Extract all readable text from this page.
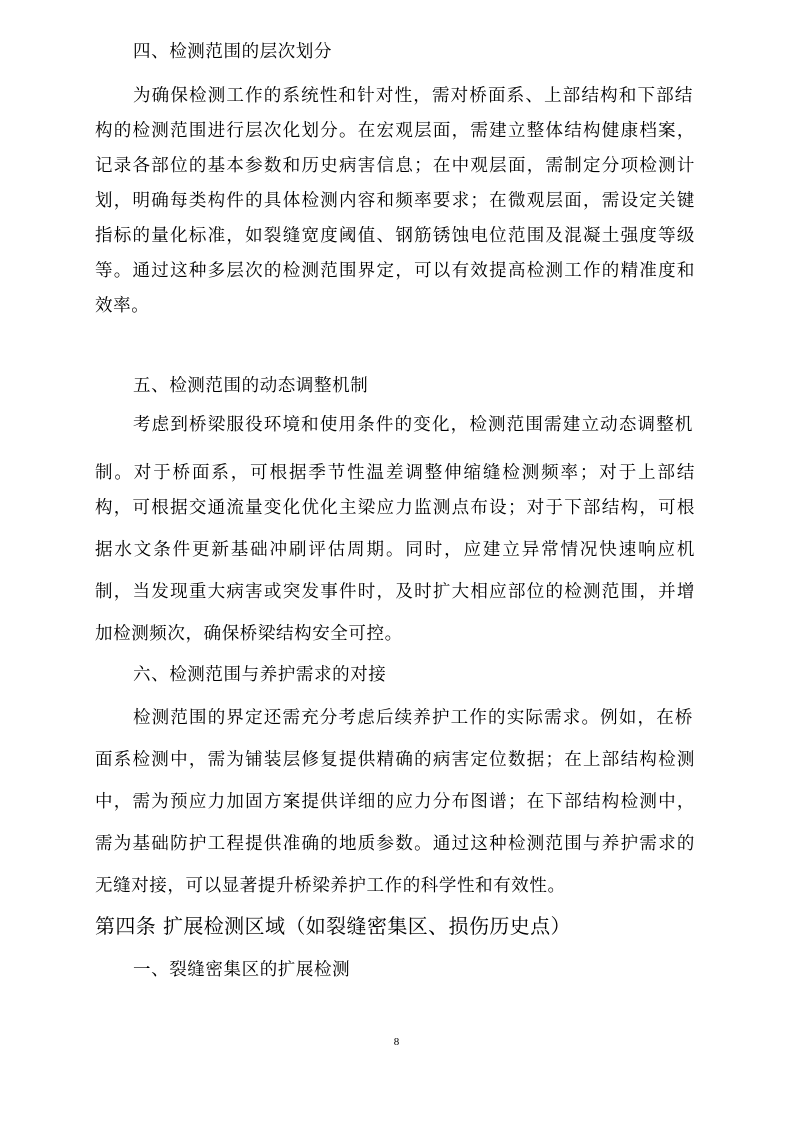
四、检测范围的层次划分
为确保检测工作的系统性和针对性，需对桥面系、上部结构和下部结
构的检测范围进行层次化划分。在宏观层面，需建立整体结构健康档案，
记录各部位的基本参数和历史病害信息；在中观层面，需制定分项检测计
划，明确每类构件的具体检测内容和频率要求；在微观层面，需设定关键
指标的量化标准，如裂缝宽度阈值、钢筋锈蚀电位范围及混凝土强度等级
等。通过这种多层次的检测范围界定，可以有效提高检测工作的精准度和
效率。
五、检测范围的动态调整机制
考虑到桥梁服役环境和使用条件的变化，检测范围需建立动态调整机
制。对于桥面系，可根据季节性温差调整伸缩缝检测频率；对于上部结
构，可根据交通流量变化优化主梁应力监测点布设；对于下部结构，可根
据水文条件更新基础冲刷评估周期。同时，应建立异常情况快速响应机
制，当发现重大病害或突发事件时，及时扩大相应部位的检测范围，并增
加检测频次，确保桥梁结构安全可控。
六、检测范围与养护需求的对接
检测范围的界定还需充分考虑后续养护工作的实际需求。例如，在桥
面系检测中，需为铺装层修复提供精确的病害定位数据；在上部结构检测
中，需为预应力加固方案提供详细的应力分布图谱；在下部结构检测中，
需为基础防护工程提供准确的地质参数。通过这种检测范围与养护需求的
无缝对接，可以显著提升桥梁养护工作的科学性和有效性。
第四条 扩展检测区域（如裂缝密集区、损伤历史点）
一、裂缝密集区的扩展检测
8
